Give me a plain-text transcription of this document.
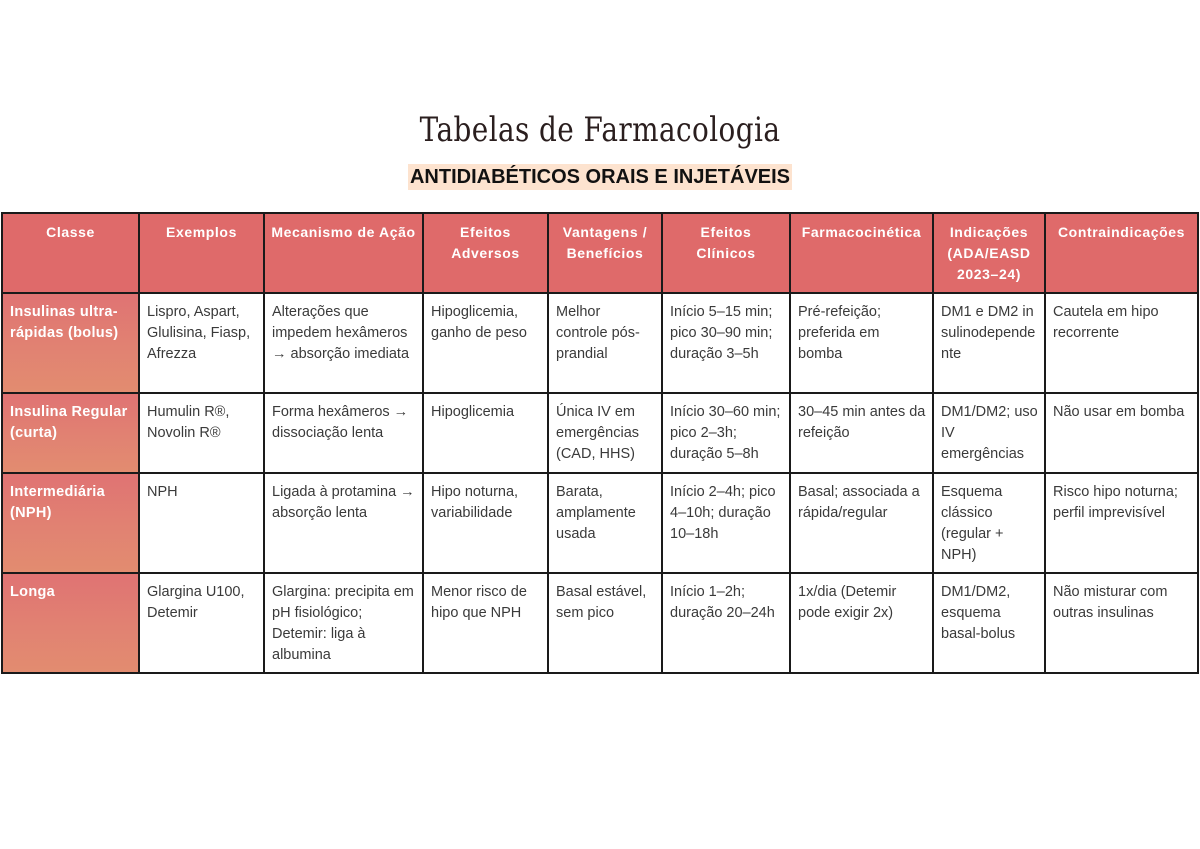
Tabelas de Farmacologia
ANTIDIABÉTICOS ORAIS E INJETÁVEIS
Classe	Exemplos	Mecanismo de Ação	Efeitos Adversos	Vantagens / Benefícios	Efeitos Clínicos	Farmacocinética	Indicações (ADA/EASD 2023–24)	Contraindicações
Insulinas ultra-rápidas (bolus)	Lispro, Aspart, Glulisina, Fiasp, Afrezza	Alterações que impedem hexâmeros → absorção imediata	Hipoglicemia, ganho de peso	Melhor controle pós-prandial	Início 5–15 min; pico 30–90 min; duração 3–5h	Pré-refeição; preferida em bomba	DM1 e DM2 insulinodependente	Cautela em hipo recorrente
Insulina Regular (curta)	Humulin R®, Novolin R®	Forma hexâmeros → dissociação lenta	Hipoglicemia	Única IV em emergências (CAD, HHS)	Início 30–60 min; pico 2–3h; duração 5–8h	30–45 min antes da refeição	DM1/DM2; uso IV emergências	Não usar em bomba
Intermediária (NPH)	NPH	Ligada à protamina → absorção lenta	Hipo noturna, variabilidade	Barata, amplamente usada	Início 2–4h; pico 4–10h; duração 10–18h	Basal; associada a rápida/regular	Esquema clássico (regular + NPH)	Risco hipo noturna; perfil imprevisível
Longa	Glargina U100, Detemir	Glargina: precipita em pH fisiológico; Detemir: liga à albumina	Menor risco de hipo que NPH	Basal estável, sem pico	Início 1–2h; duração 20–24h	1x/dia (Detemir pode exigir 2x)	DM1/DM2, esquema basal-bolus	Não misturar com outras insulinas
